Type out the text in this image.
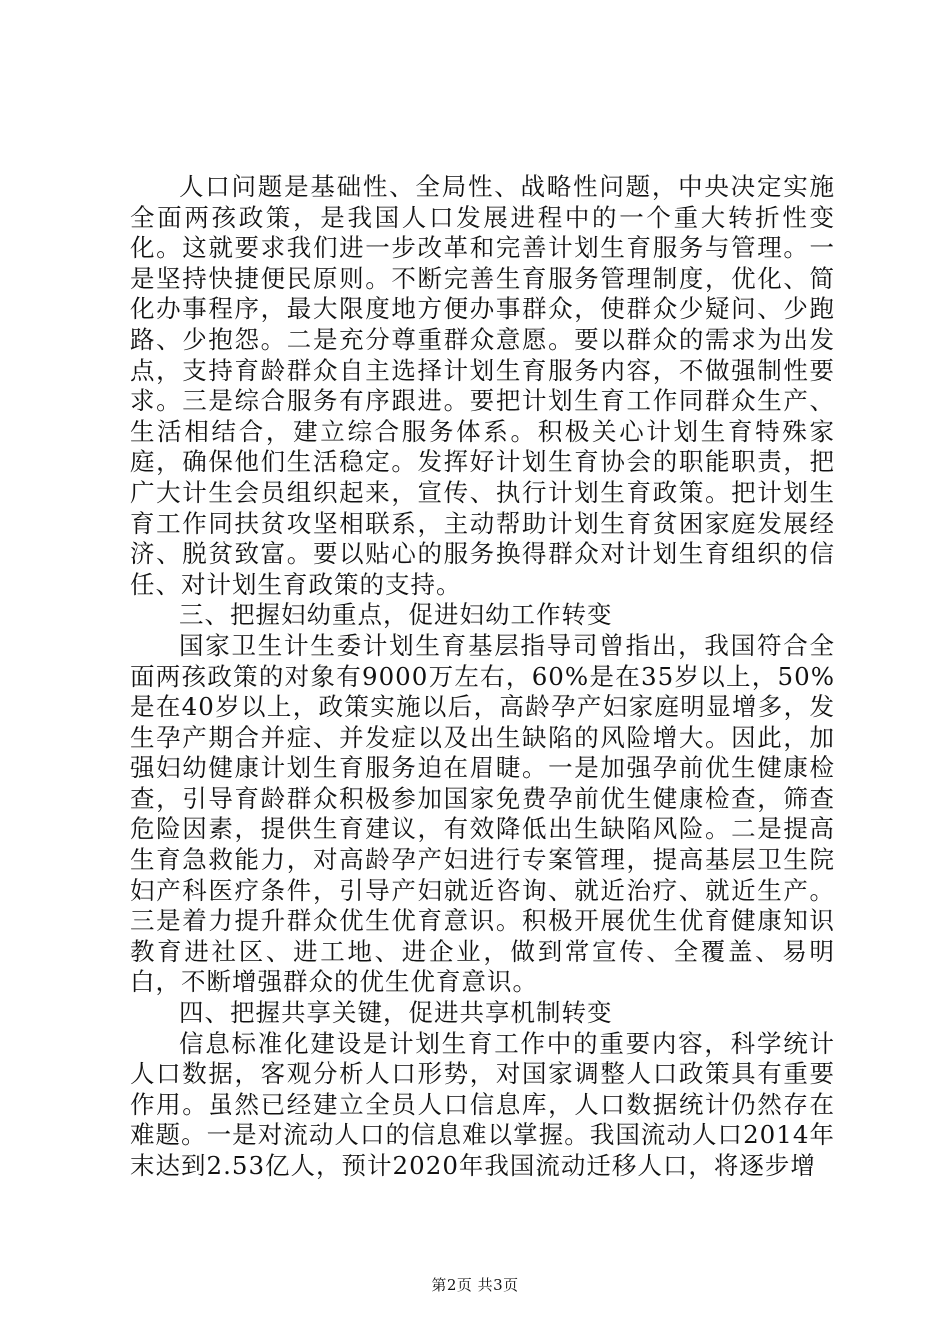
人口问题是基础性、全局性、战略性问题，中央决定实施全面两孩政策，是我国人口发展进程中的一个重大转折性变化。这就要求我们进一步改革和完善计划生育服务与管理。一是坚持快捷便民原则。不断完善生育服务管理制度，优化、简化办事程序，最大限度地方便办事群众，使群众少疑问、少跑路、少抱怨。二是充分尊重群众意愿。要以群众的需求为出发点，支持育龄群众自主选择计划生育服务内容，不做强制性要求。三是综合服务有序跟进。要把计划生育工作同群众生产、生活相结合，建立综合服务体系。积极关心计划生育特殊家庭，确保他们生活稳定。发挥好计划生育协会的职能职责，把广大计生会员组织起来，宣传、执行计划生育政策。把计划生育工作同扶贫攻坚相联系，主动帮助计划生育贫困家庭发展经济、脱贫致富。要以贴心的服务换得群众对计划生育组织的信任、对计划生育政策的支持。

三、把握妇幼重点，促进妇幼工作转变

国家卫生计生委计划生育基层指导司曾指出，我国符合全面两孩政策的对象有9000万左右，60%是在35岁以上，50%是在40岁以上，政策实施以后，高龄孕产妇家庭明显增多，发生孕产期合并症、并发症以及出生缺陷的风险增大。因此，加强妇幼健康计划生育服务迫在眉睫。一是加强孕前优生健康检查，引导育龄群众积极参加国家免费孕前优生健康检查，筛查危险因素，提供生育建议，有效降低出生缺陷风险。二是提高生育急救能力，对高龄孕产妇进行专案管理，提高基层卫生院妇产科医疗条件，引导产妇就近咨询、就近治疗、就近生产。三是着力提升群众优生优育意识。积极开展优生优育健康知识教育进社区、进工地、进企业，做到常宣传、全覆盖、易明白，不断增强群众的优生优育意识。

四、把握共享关键，促进共享机制转变

信息标准化建设是计划生育工作中的重要内容，科学统计人口数据，客观分析人口形势，对国家调整人口政策具有重要作用。虽然已经建立全员人口信息库，人口数据统计仍然存在难题。一是对流动人口的信息难以掌握。我国流动人口2014年末达到2.53亿人，预计2020年我国流动迁移人口，将逐步增

第2页 共3页
